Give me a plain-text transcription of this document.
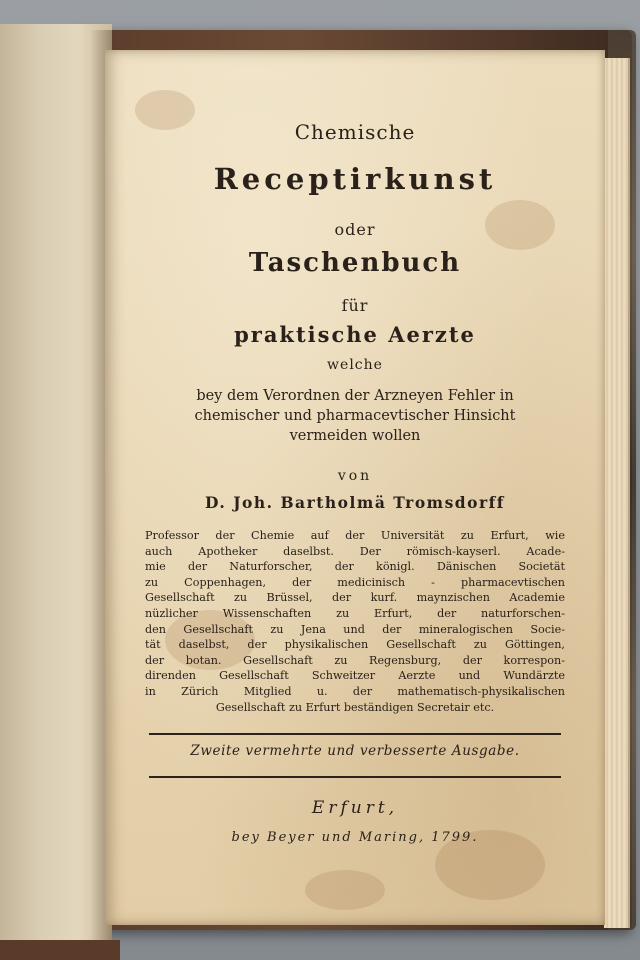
Chemische
Receptirkunst
oder
Taschenbuch
für
praktische Aerzte
welche
bey dem Verordnen der Arzneyen Fehler in
chemischer und pharmacevtischer Hinsicht
vermeiden wollen
von
D. Joh. Bartholmä Tromsdorff
Professor der Chemie auf der Universität zu Erfurt, wie
auch Apotheker daselbst. Der römisch-kayserl. Acade-
mie der Naturforscher, der königl. Dänischen Societät
zu Coppenhagen, der medicinisch - pharmacevtischen
Gesellschaft zu Brüssel, der kurf. maynzischen Academie
nüzlicher Wissenschaften zu Erfurt, der naturforschen-
den Gesellschaft zu Jena und der mineralogischen Socie-
tät daselbst, der physikalischen Gesellschaft zu Göttingen,
der botan. Gesellschaft zu Regensburg, der korrespon-
direnden Gesellschaft Schweitzer Aerzte und Wundärzte
in Zürich Mitglied u. der mathematisch-physikalischen
Gesellschaft zu Erfurt beständigen Secretair etc.
Zweite vermehrte und verbesserte Ausgabe.
Erfurt,
bey Beyer und Maring, 1799.
